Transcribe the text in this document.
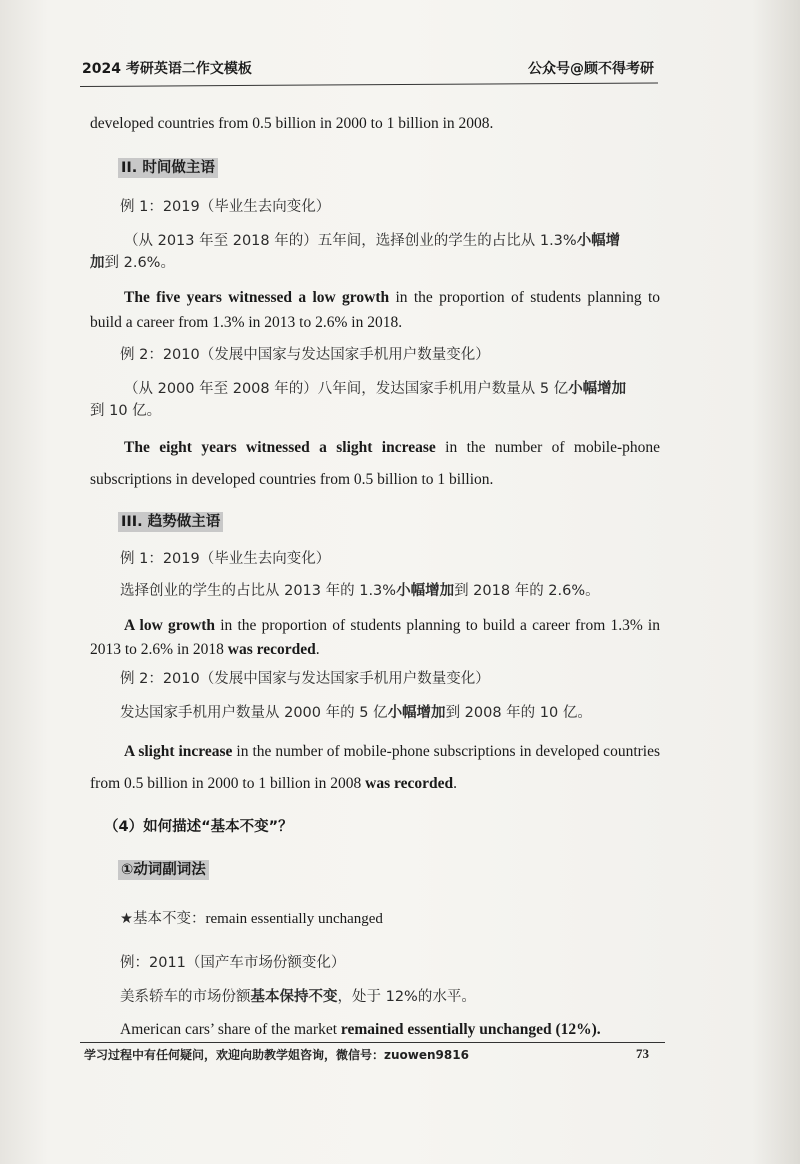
2024 考研英语二作文模板	公众号@顾不得考研
developed countries from 0.5 billion in 2000 to 1 billion in 2008.
II. 时间做主语
例 1：2019（毕业生去向变化）
（从 2013 年至 2018 年的）五年间，选择创业的学生的占比从 1.3%小幅增
加到 2.6%。
The five years witnessed a low growth in the proportion of students planning to build a career from 1.3% in 2013 to 2.6% in 2018.
例 2：2010（发展中国家与发达国家手机用户数量变化）
（从 2000 年至 2008 年的）八年间，发达国家手机用户数量从 5 亿小幅增加
到 10 亿。
The eight years witnessed a slight increase in the number of mobile-phone subscriptions in developed countries from 0.5 billion to 1 billion.
III. 趋势做主语
例 1：2019（毕业生去向变化）
选择创业的学生的占比从 2013 年的 1.3%小幅增加到 2018 年的 2.6%。
A low growth in the proportion of students planning to build a career from 1.3% in 2013 to 2.6% in 2018 was recorded.
例 2：2010（发展中国家与发达国家手机用户数量变化）
发达国家手机用户数量从 2000 年的 5 亿小幅增加到 2008 年的 10 亿。
A slight increase in the number of mobile-phone subscriptions in developed countries from 0.5 billion in 2000 to 1 billion in 2008 was recorded.
（4）如何描述“基本不变”？
①动词副词法
★基本不变：remain essentially unchanged
例：2011（国产车市场份额变化）
美系轿车的市场份额基本保持不变，处于 12%的水平。
American cars’ share of the market remained essentially unchanged (12%).
学习过程中有任何疑问，欢迎向助教学姐咨询，微信号：zuowen9816	73
